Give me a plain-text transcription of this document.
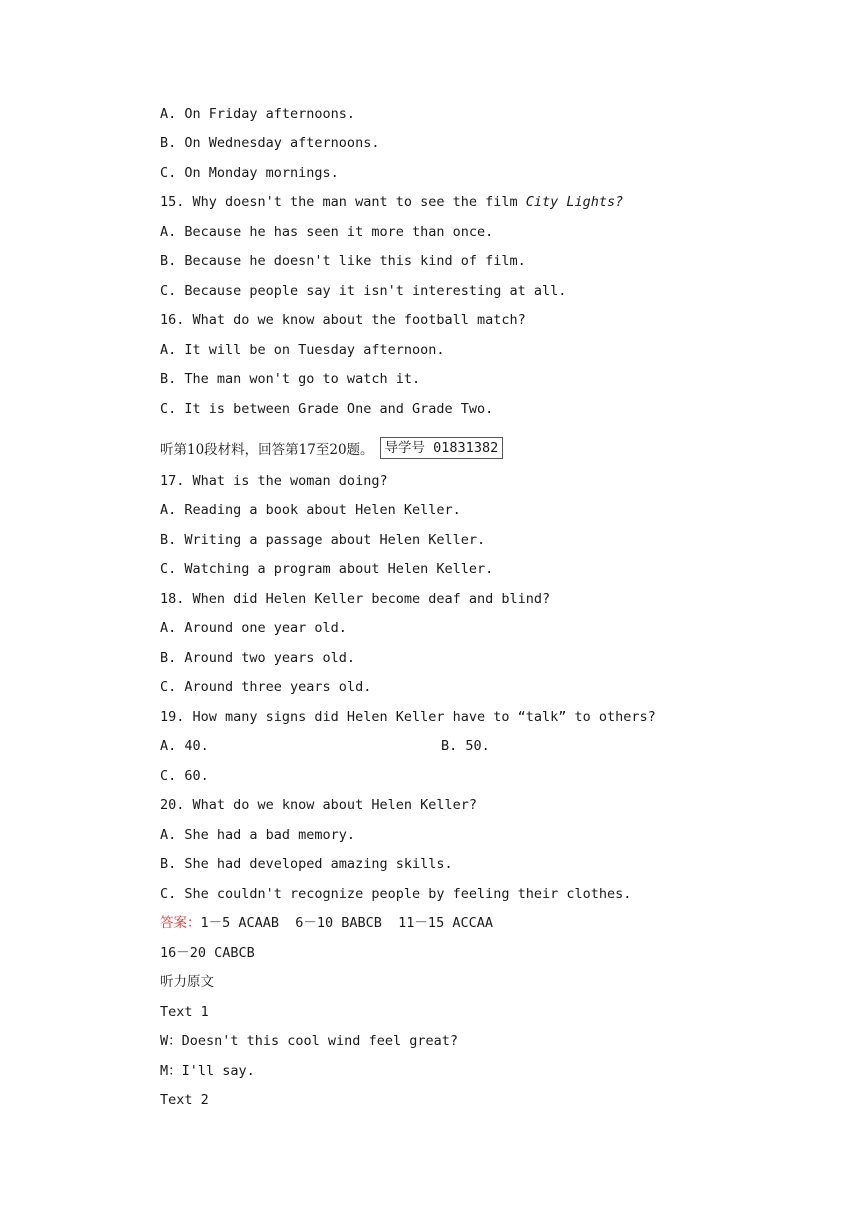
A. On Friday afternoons.
B. On Wednesday afternoons.
C. On Monday mornings.
15. Why doesn't the man want to see the film City Lights?
A. Because he has seen it more than once.
B. Because he doesn't like this kind of film.
C. Because people say it isn't interesting at all.
16. What do we know about the football match?
A. It will be on Tuesday afternoon.
B. The man won't go to watch it.
C. It is between Grade One and Grade Two.
听第10段材料，回答第17至20题。 导学号 01831382
17. What is the woman doing?
A. Reading a book about Helen Keller.
B. Writing a passage about Helen Keller.
C. Watching a program about Helen Keller.
18. When did Helen Keller become deaf and blind?
A. Around one year old.
B. Around two years old.
C. Around three years old.
19. How many signs did Helen Keller have to “talk” to others?
A. 40.	B. 50.
C. 60.
20. What do we know about Helen Keller?
A. She had a bad memory.
B. She had developed amazing skills.
C. She couldn't recognize people by feeling their clothes.
答案：1－5 ACAAB  6－10 BABCB  11－15 ACCAA
16－20 CABCB
听力原文
Text 1
W：Doesn't this cool wind feel great?
M：I'll say.
Text 2
